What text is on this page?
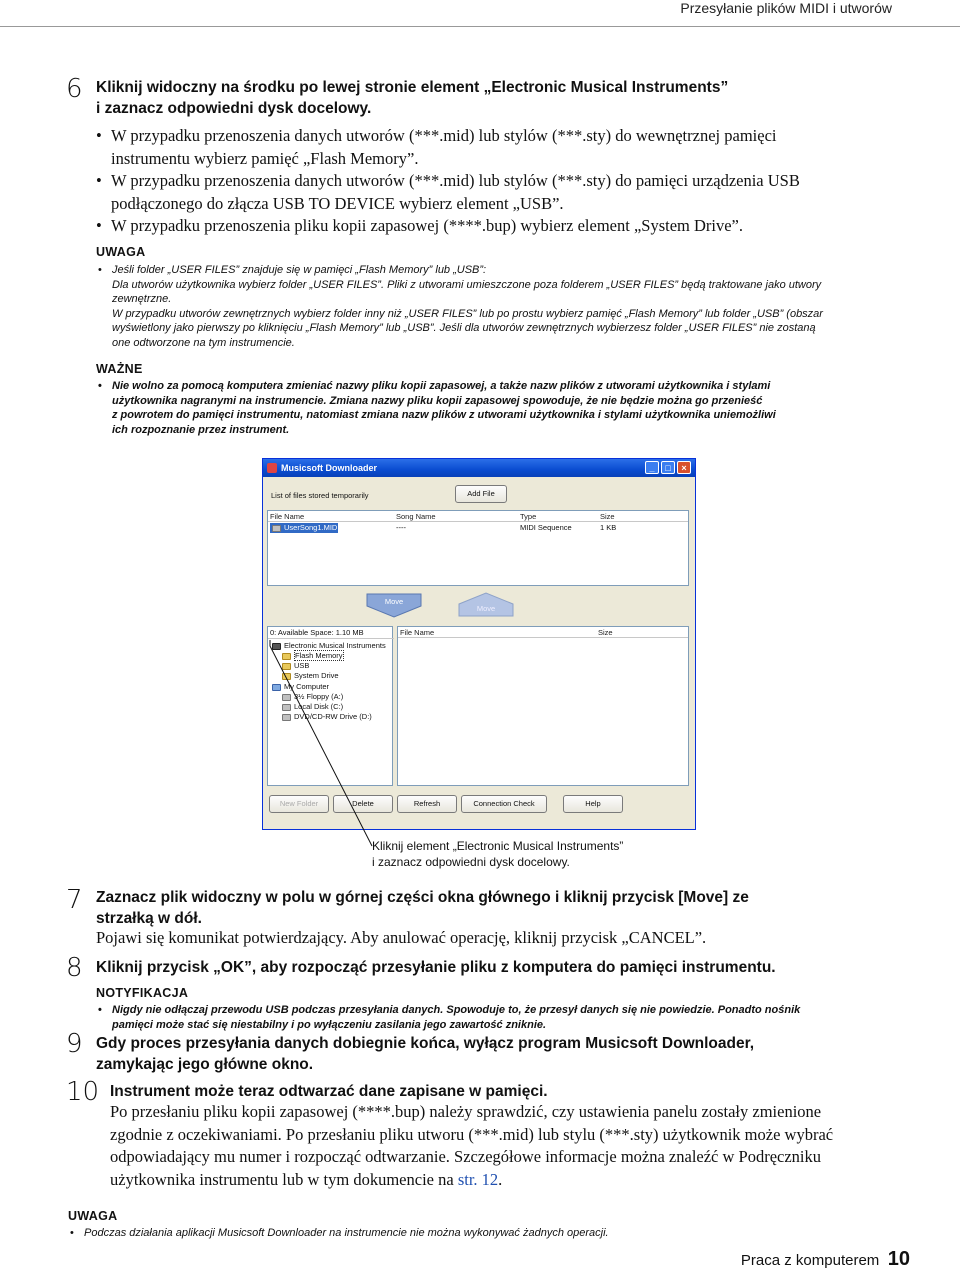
Przesyłanie plików MIDI i utworów
6 Kliknij widoczny na środku po lewej stronie element „Electronic Musical Instruments”
i zaznacz odpowiedni dysk docelowy.
• W przypadku przenoszenia danych utworów (***.mid) lub stylów (***.sty) do wewnętrznej pamięci
instrumentu wybierz pamięć „Flash Memory”.
• W przypadku przenoszenia danych utworów (***.mid) lub stylów (***.sty) do pamięci urządzenia USB
podłączonego do złącza USB TO DEVICE wybierz element „USB”.
• W przypadku przenoszenia pliku kopii zapasowej (****.bup) wybierz element „System Drive”.
UWAGA
• Jeśli folder „USER FILES” znajduje się w pamięci „Flash Memory” lub „USB”:
Dla utworów użytkownika wybierz folder „USER FILES”. Pliki z utworami umieszczone poza folderem „USER FILES” będą traktowane jako utwory
zewnętrzne.
W przypadku utworów zewnętrznych wybierz folder inny niż „USER FILES” lub po prostu wybierz pamięć „Flash Memory” lub folder „USB” (obszar
wyświetlony jako pierwszy po kliknięciu „Flash Memory” lub „USB”. Jeśli dla utworów zewnętrznych wybierzesz folder „USER FILES” nie zostaną
one odtworzone na tym instrumencie.
WAŻNE
• Nie wolno za pomocą komputera zmieniać nazwy pliku kopii zapasowej, a także nazw plików z utworami użytkownika i stylami
użytkownika nagranymi na instrumencie. Zmiana nazwy pliku kopii zapasowej spowoduje, że nie będzie można go przenieść
z powrotem do pamięci instrumentu, natomiast zmiana nazw plików z utworami użytkownika i stylami użytkownika uniemożliwi
ich rozpoznanie przez instrument.
Musicsoft Downloader	_	□	×
List of files stored temporarily	Add File
File Name	Song Name	Type	Size
UserSong1.MID	----	MIDI Sequence	1 KB
Move
Move
0: Available Space: 1.10 MB
Electronic Musical Instruments
Flash Memory
USB
System Drive
My Computer
3½ Floppy (A:)
Local Disk (C:)
DVD/CD-RW Drive (D:)
File Name	Size
New Folder	Delete	Refresh	Connection Check	Help
Kliknij element „Electronic Musical Instruments”
i zaznacz odpowiedni dysk docelowy.
7 Zaznacz plik widoczny w polu w górnej części okna głównego i kliknij przycisk [Move] ze
strzałką w dół.
Pojawi się komunikat potwierdzający. Aby anulować operację, kliknij przycisk „CANCEL”.
8 Kliknij przycisk „OK”, aby rozpocząć przesyłanie pliku z komputera do pamięci instrumentu.
NOTYFIKACJA
• Nigdy nie odłączaj przewodu USB podczas przesyłania danych. Spowoduje to, że przesył danych się nie powiedzie. Ponadto nośnik
pamięci może stać się niestabilny i po wyłączeniu zasilania jego zawartość zniknie.
9 Gdy proces przesyłania danych dobiegnie końca, wyłącz program Musicsoft Downloader,
zamykając jego główne okno.
10 Instrument może teraz odtwarzać dane zapisane w pamięci.
Po przesłaniu pliku kopii zapasowej (****.bup) należy sprawdzić, czy ustawienia panelu zostały zmienione
zgodnie z oczekiwaniami. Po przesłaniu pliku utworu (***.mid) lub stylu (***.sty) użytkownik może wybrać
odpowiadający mu numer i rozpocząć odtwarzanie. Szczegółowe informacje można znaleźć w Podręczniku
użytkownika instrumentu lub w tym dokumencie na str. 12.
UWAGA
• Podczas działania aplikacji Musicsoft Downloader na instrumencie nie można wykonywać żadnych operacji.
Praca z komputerem 10
